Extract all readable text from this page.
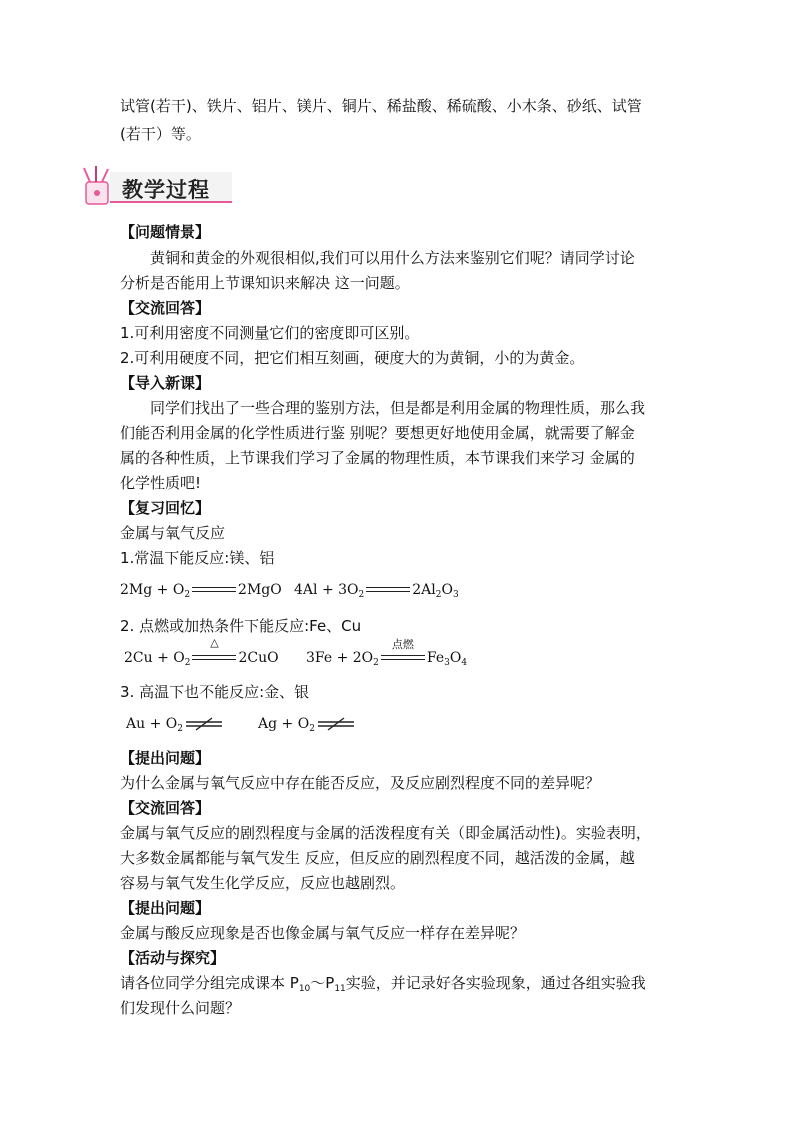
试管(若干)、铁片、铝片、镁片、铜片、稀盐酸、稀硫酸、小木条、砂纸、试管
(若干）等。
教学过程
【问题情景】
黄铜和黄金的外观很相似,我们可以用什么方法来鉴别它们呢？请同学讨论
分析是否能用上节课知识来解决 这一问题。
【交流回答】
1.可利用密度不同测量它们的密度即可区别。
2.可利用硬度不同，把它们相互刻画，硬度大的为黄铜，小的为黄金。
【导入新课】
同学们找出了一些合理的鉴别方法，但是都是利用金属的物理性质，那么我
们能否利用金属的化学性质进行鉴 别呢？要想更好地使用金属，就需要了解金
属的各种性质，上节课我们学习了金属的物理性质，本节课我们来学习 金属的
化学性质吧!
【复习回忆】
金属与氧气反应
1.常温下能反应:镁、铝
$2Mg + O_2$	2MgO $4Al + 3O_2$	$2Al_2O_3$
2. 点燃或加热条件下能反应:Fe、Cu
$2Cu + O_2$
△
2CuO $3Fe + 2O_2$
点燃
$Fe_3O_4$
3. 高温下也不能反应:金、银
$Au + O_2$	$Ag + O_2$
【提出问题】
为什么金属与氧气反应中存在能否反应，及反应剧烈程度不同的差异呢？
【交流回答】
金属与氧气反应的剧烈程度与金属的活泼程度有关（即金属活动性)。实验表明，
大多数金属都能与氧气发生 反应，但反应的剧烈程度不同，越活泼的金属，越
容易与氧气发生化学反应，反应也越剧烈。
【提出问题】
金属与酸反应现象是否也像金属与氧气反应一样存在差异呢？
【活动与探究】
请各位同学分组完成课本 $P_{10}\sim P_{11}$实验，并记录好各实验现象，通过各组实验我
们发现什么问题？
